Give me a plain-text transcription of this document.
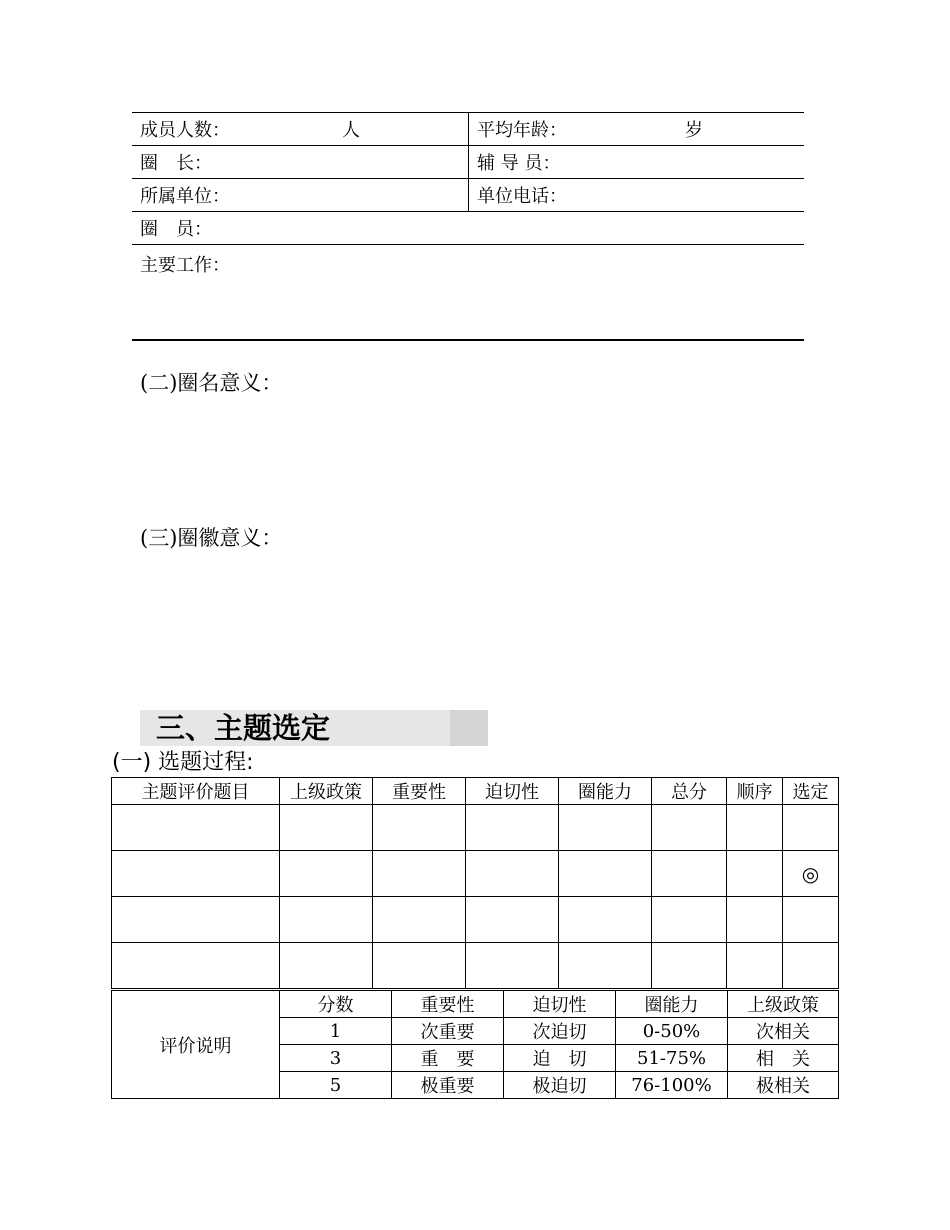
成员人数： 人	平均年龄： 岁

圈　长：	辅 导 员：
所属单位：	单位电话：
圈　员：	
主要工作：	
(二)圈名意义：
(三)圈徽意义：
三、主题选定
(一) 选题过程:
主题评价题目	上级政策	重要性	迫切性	圈能力	总分	顺序	选定

							◎

评价说明	分数	重要性	迫切性	圈能力	上级政策
	1	次重要	次迫切	0-50%	次相关
	3	重　要	迫　切	51-75%	相　关
	5	极重要	极迫切	76-100%	极相关
